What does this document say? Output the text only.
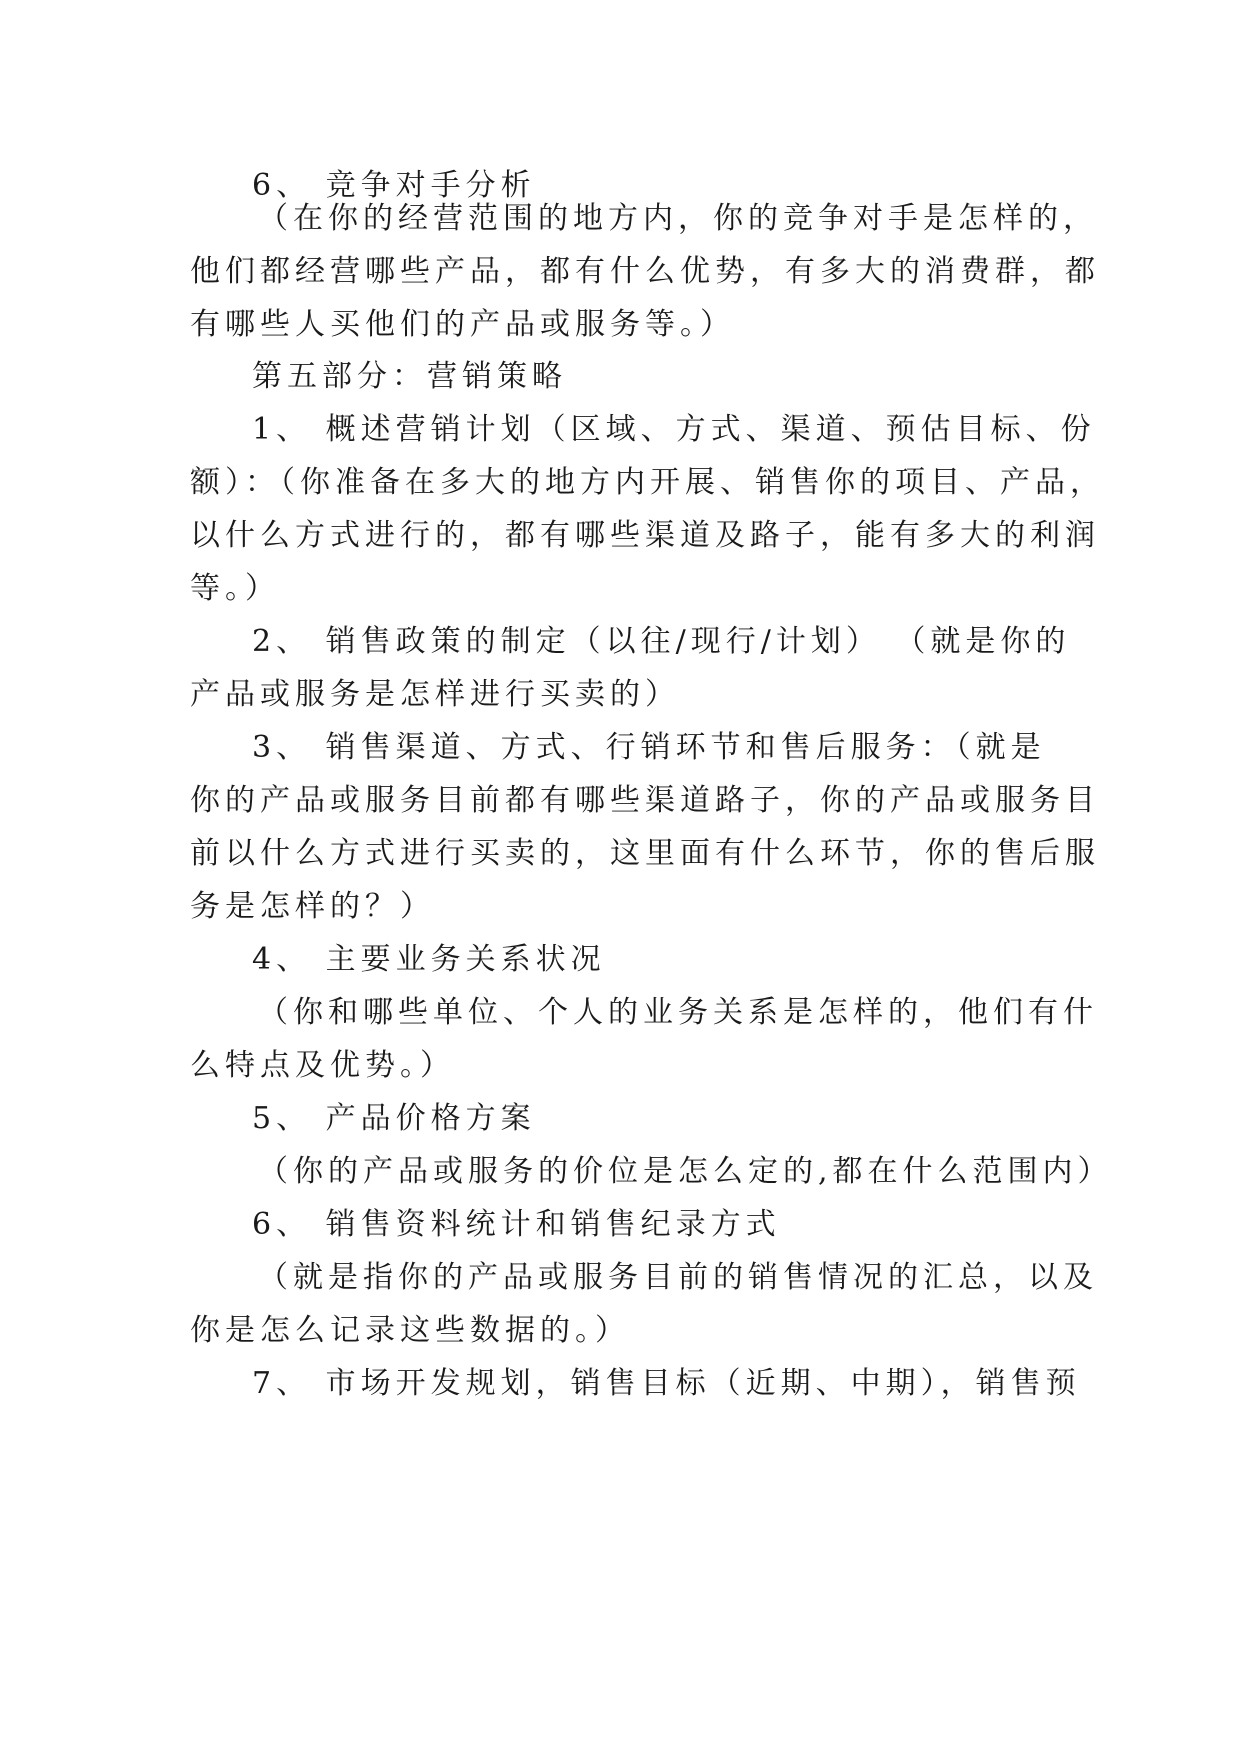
6、 竞争对手分析
（在你的经营范围的地方内，你的竞争对手是怎样的，
他们都经营哪些产品，都有什么优势，有多大的消费群，都
有哪些人买他们的产品或服务等。）
第五部分：营销策略
1、 概述营销计划（区域、方式、渠道、预估目标、份
额）：（你准备在多大的地方内开展、销售你的项目、产品，
以什么方式进行的，都有哪些渠道及路子，能有多大的利润
等。）
2、 销售政策的制定（以往/现行/计划） （就是你的
产品或服务是怎样进行买卖的）
3、 销售渠道、方式、行销环节和售后服务：（就是
你的产品或服务目前都有哪些渠道路子，你的产品或服务目
前以什么方式进行买卖的，这里面有什么环节，你的售后服
务是怎样的？）
4、 主要业务关系状况
（你和哪些单位、个人的业务关系是怎样的，他们有什
么特点及优势。）
5、 产品价格方案
（你的产品或服务的价位是怎么定的,都在什么范围内）
6、 销售资料统计和销售纪录方式
（就是指你的产品或服务目前的销售情况的汇总，以及
你是怎么记录这些数据的。）
7、 市场开发规划，销售目标（近期、中期），销售预
